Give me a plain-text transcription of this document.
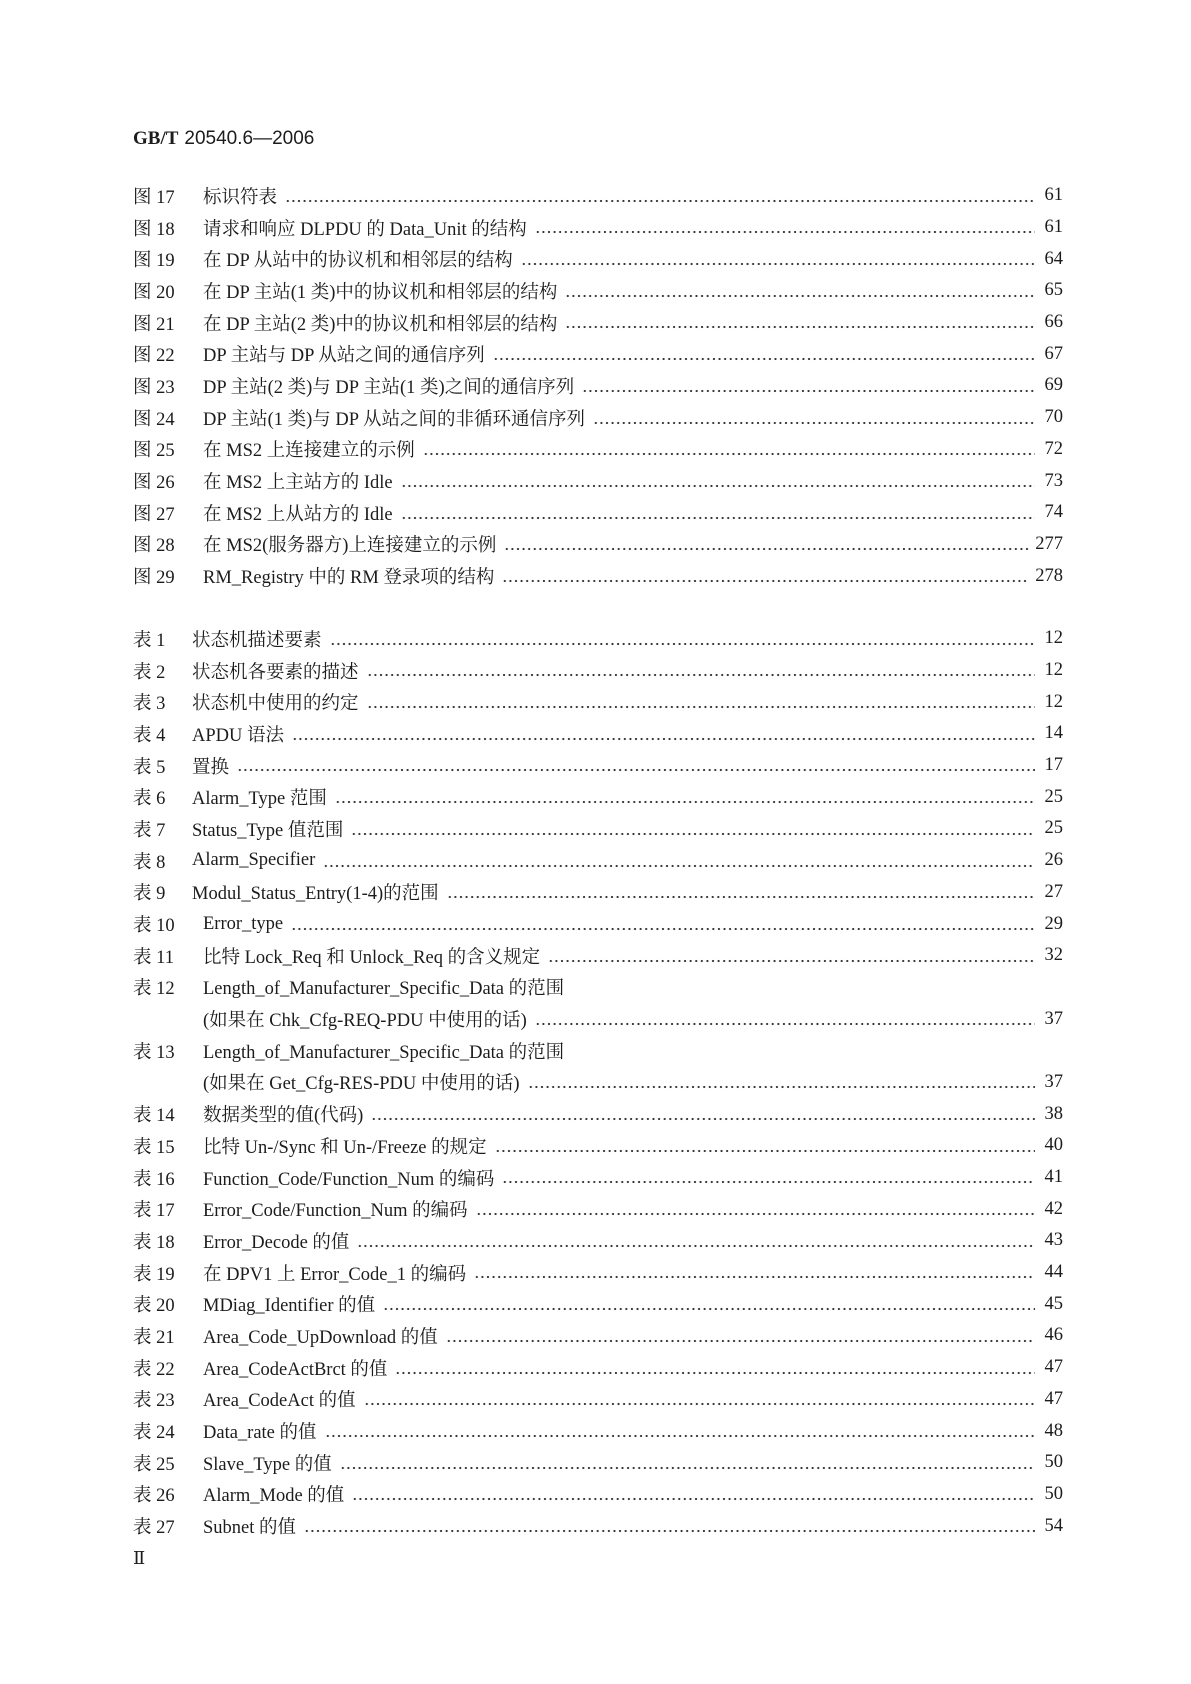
GB/T 20540.6—2006
图 17	标识符表	61
图 18	请求和响应 DLPDU 的 Data_Unit 的结构	61
图 19	在 DP 从站中的协议机和相邻层的结构	64
图 20	在 DP 主站(1 类)中的协议机和相邻层的结构	65
图 21	在 DP 主站(2 类)中的协议机和相邻层的结构	66
图 22	DP 主站与 DP 从站之间的通信序列	67
图 23	DP 主站(2 类)与 DP 主站(1 类)之间的通信序列	69
图 24	DP 主站(1 类)与 DP 从站之间的非循环通信序列	70
图 25	在 MS2 上连接建立的示例	72
图 26	在 MS2 上主站方的 Idle	73
图 27	在 MS2 上从站方的 Idle	74
图 28	在 MS2(服务器方)上连接建立的示例	277
图 29	RM_Registry 中的 RM 登录项的结构	278
表 1	状态机描述要素	12
表 2	状态机各要素的描述	12
表 3	状态机中使用的约定	12
表 4	APDU 语法	14
表 5	置换	17
表 6	Alarm_Type 范围	25
表 7	Status_Type 值范围	25
表 8	Alarm_Specifier	26
表 9	Modul_Status_Entry(1-4)的范围	27
表 10	Error_type	29
表 11	比特 Lock_Req 和 Unlock_Req 的含义规定	32
表 12	Length_of_Manufacturer_Specific_Data 的范围
(如果在 Chk_Cfg-REQ-PDU 中使用的话)	37
表 13	Length_of_Manufacturer_Specific_Data 的范围
(如果在 Get_Cfg-RES-PDU 中使用的话)	37
表 14	数据类型的值(代码)	38
表 15	比特 Un-/Sync 和 Un-/Freeze 的规定	40
表 16	Function_Code/Function_Num 的编码	41
表 17	Error_Code/Function_Num 的编码	42
表 18	Error_Decode 的值	43
表 19	在 DPV1 上 Error_Code_1 的编码	44
表 20	MDiag_Identifier 的值	45
表 21	Area_Code_UpDownload 的值	46
表 22	Area_CodeActBrct 的值	47
表 23	Area_CodeAct 的值	47
表 24	Data_rate 的值	48
表 25	Slave_Type 的值	50
表 26	Alarm_Mode 的值	50
表 27	Subnet 的值	54
Ⅱ
